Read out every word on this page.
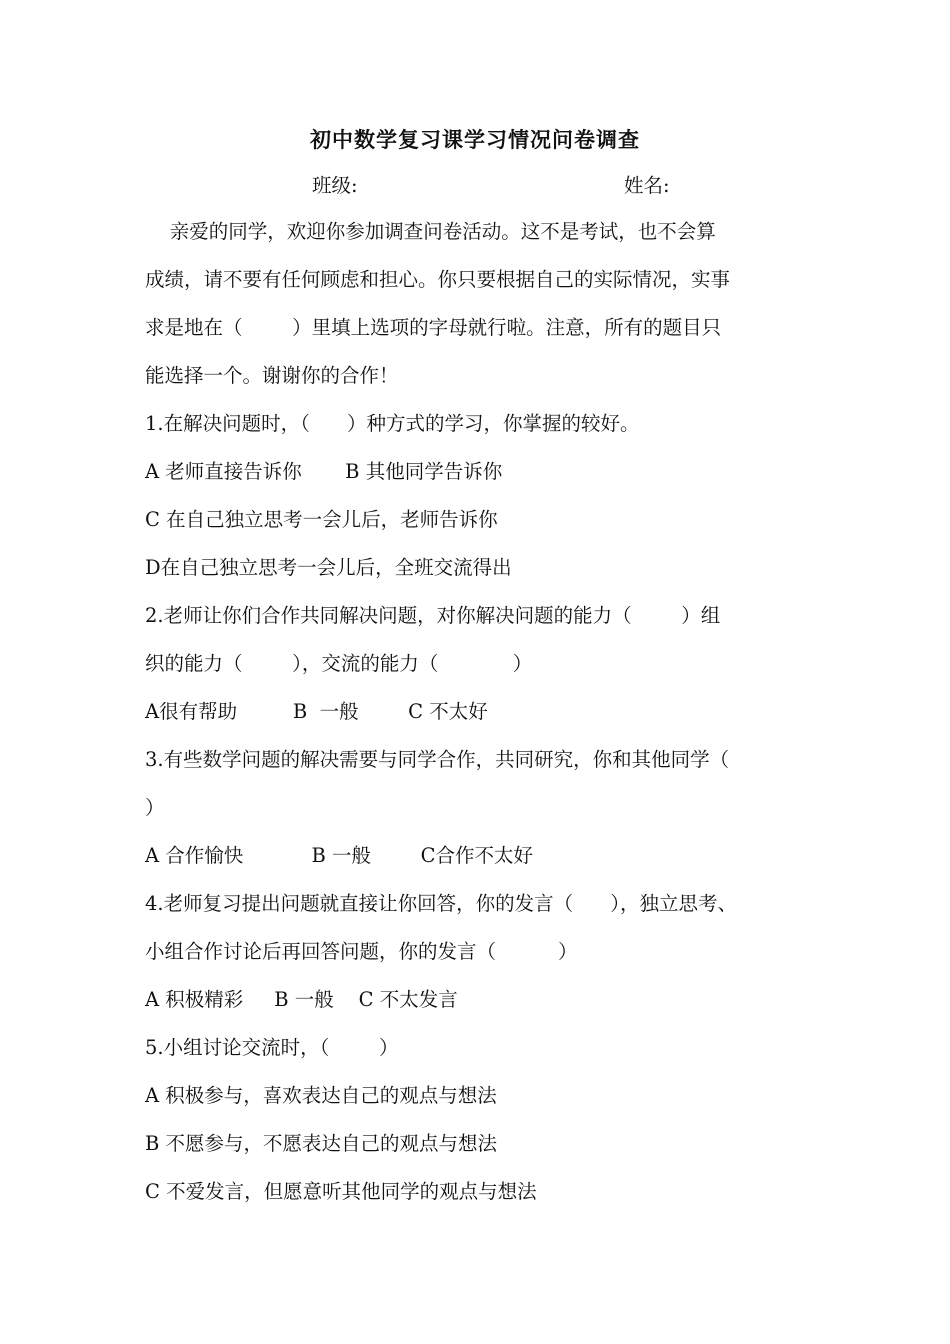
初中数学复习课学习情况问卷调查
班级:	姓名:
亲爱的同学，欢迎你参加调查问卷活动。这不是考试，也不会算
成绩，请不要有任何顾虑和担心。你只要根据自己的实际情况，实事
求是地在（        ）里填上选项的字母就行啦。注意，所有的题目只
能选择一个。谢谢你的合作！
1.在解决问题时，（      ）种方式的学习，你掌握的较好。
A 老师直接告诉你       B 其他同学告诉你
C 在自己独立思考一会儿后，老师告诉你
D在自己独立思考一会儿后，全班交流得出
2.老师让你们合作共同解决问题，对你解决问题的能力（        ）组
织的能力（        ），交流的能力（            ）
A很有帮助         B  一般        C 不太好
3.有些数学问题的解决需要与同学合作，共同研究，你和其他同学（
）
A 合作愉快           B 一般        C合作不太好
4.老师复习提出问题就直接让你回答，你的发言（      ），独立思考、
小组合作讨论后再回答问题，你的发言（          ）
A 积极精彩     B 一般    C 不太发言
5.小组讨论交流时，（        ）
A 积极参与，喜欢表达自己的观点与想法
B 不愿参与，不愿表达自己的观点与想法
C 不爱发言，但愿意听其他同学的观点与想法
